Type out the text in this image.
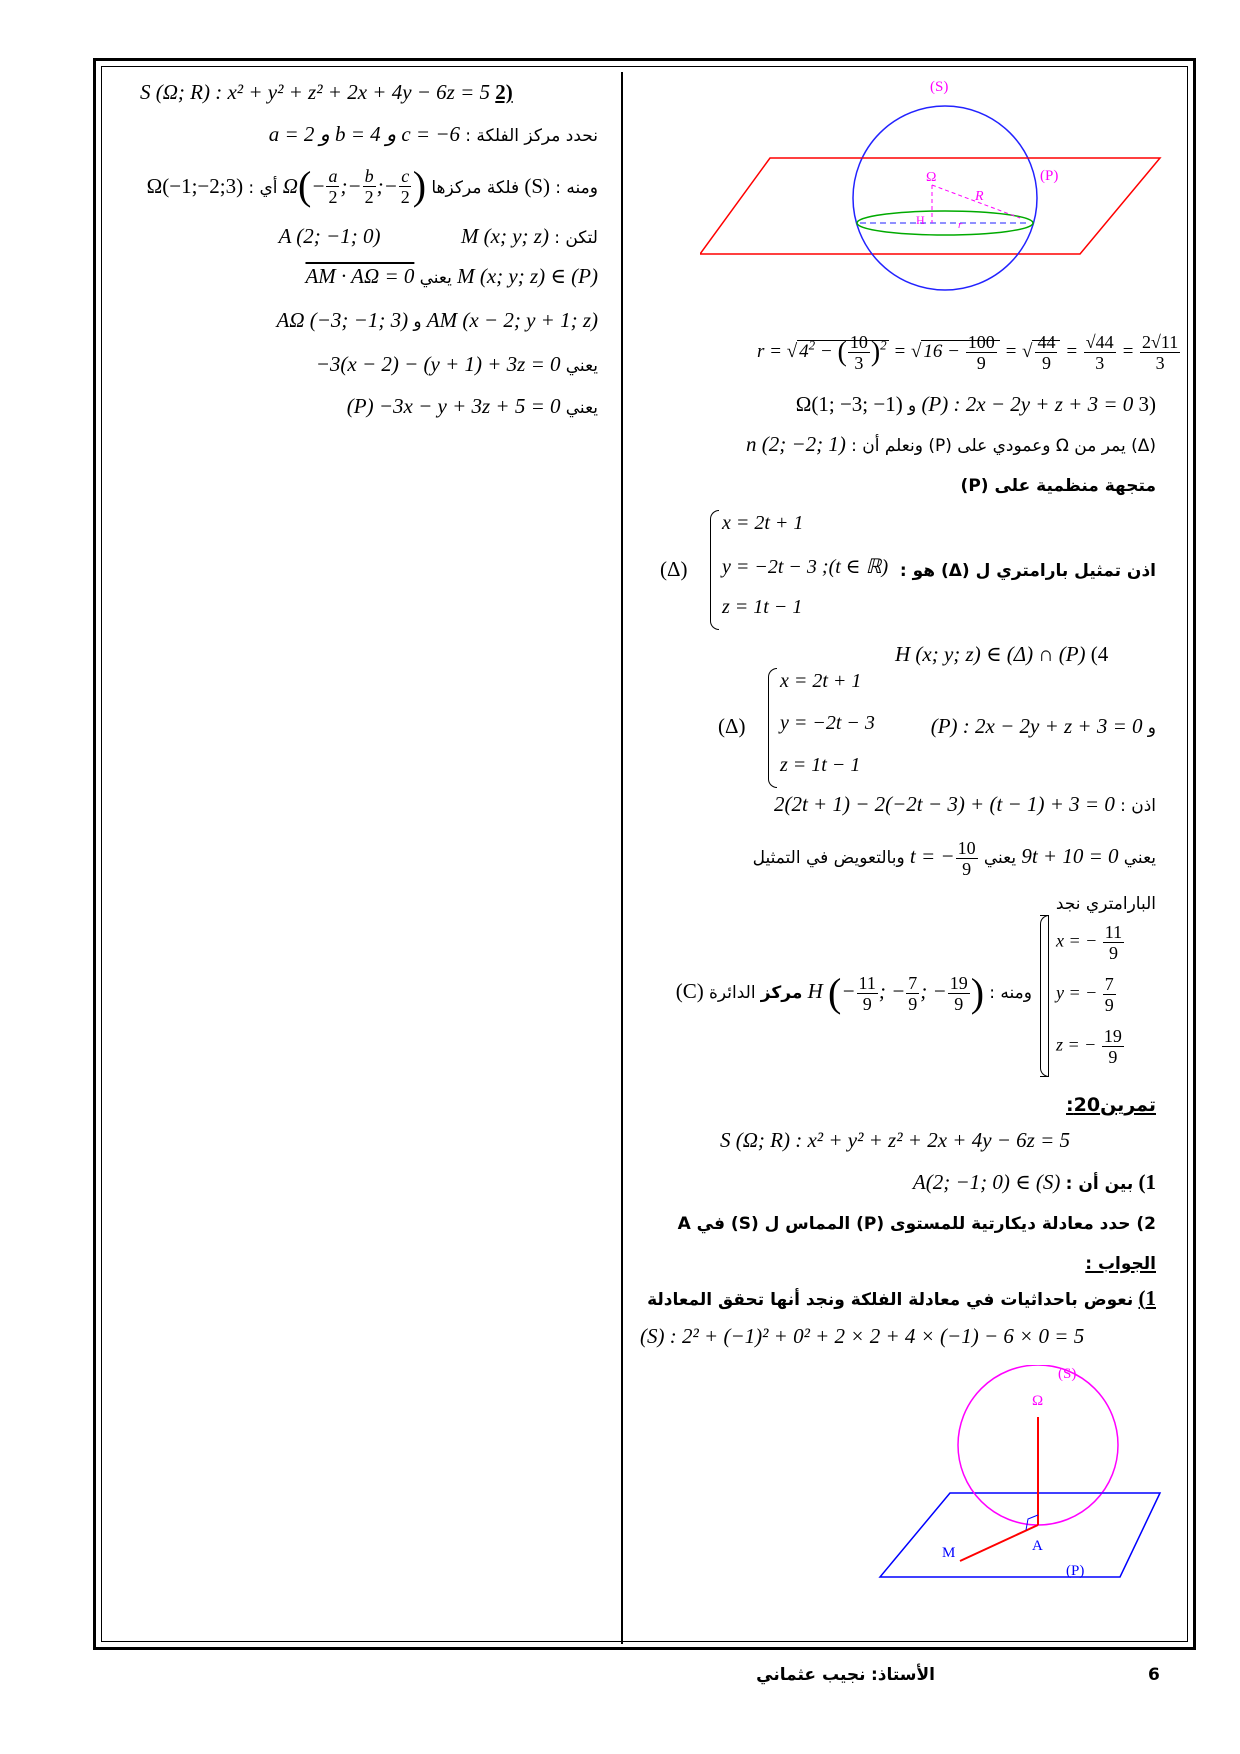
S (Ω; R) : x² + y² + z² + 2x + 4y − 6z = 5 2)
نحدد مركز الفلكة : a = 2 و b = 4 و c = −6
ومنه : (S) فلكة مركزها Ω ( − $\frac{a}{2}$ ;− $\frac{b}{2}$ ;− $\frac{c}{2}$ )
أي : Ω(−1;−2;3)
لتكن : M (x; y; z)  A (2; −1; 0)
M (x; y; z) ∈ (P) يعني AM · AΩ = 0
AM (x − 2; y + 1; z) و AΩ (−3; −1; 3)
يعني −3(x − 2) − (y + 1) + 3z = 0
يعني (P) −3x − y + 3z + 5 = 0
(S)
(P)
Ω
R
H	r
r = √ $4^2$ − ( $\frac{10}{3} )^2$ = √ $16 - \frac{100}{9}$ = √ $\frac{44}{9} = \frac{√44}{3} = \frac{2√11}{3}$
3) (P) : 2x − 2y + z + 3 = 0 و Ω(1; −3; −1)
(Δ) يمر من Ω وعمودي على (P) ونعلم أن : n (2; −2; 1)
متجهة منظمية على (P)
اذن تمثيل بارامتري ل (Δ) هو :
x = 2t + 1
y = −2t − 3 ;(t ∈ ℝ)
z = 1t − 1
(Δ)
H (x; y; z) ∈ (Δ) ∩ (P) (4
x = 2t + 1
y = −2t − 3
z = 1t − 1
(Δ)	و (P) : 2x − 2y + z + 3 = 0
اذن : 2(2t + 1) − 2(−2t − 3) + (t − 1) + 3 = 0
يعني 9t + 10 = 0 يعني t = − $\frac{10}{9}$
وبالتعويض في التمثيل
البارامتري نجد
x = − $\frac{11}{9}$
y = − $\frac{7}{9}$
z = − $\frac{19}{9}$
ومنه : H (− $\frac{11}{9}$ ; − $\frac{7}{9}$ ; − $\frac{19}{9}$ ) مركز الدائرة (C)
تمرين20:
S (Ω; R) : x² + y² + z² + 2x + 4y − 6z = 5
1) بين أن : A(2; −1; 0) ∈ (S)
2) حدد معادلة ديكارتية للمستوى (P) المماس ل (S) في A
الجواب :
1) نعوض باحداثيات في معادلة الفلكة ونجد أنها تحقق المعادلة
(S) : 2² + (−1)² + 0² + 2 × 2 + 4 × (−1) − 6 × 0 = 5
(S)
Ω
M	A
(P)
6
الأستاذ: نجيب عثماني
